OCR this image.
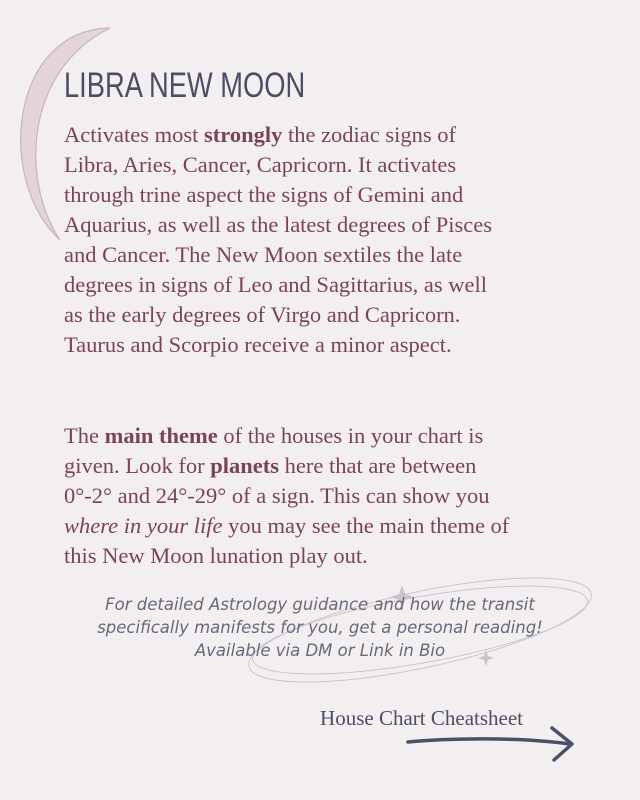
LIBRA NEW MOON

Activates most strongly the zodiac signs of
Libra, Aries, Cancer, Capricorn. It activates
through trine aspect the signs of Gemini and
Aquarius, as well as the latest degrees of Pisces
and Cancer. The New Moon sextiles the late
degrees in signs of Leo and Sagittarius, as well
as the early degrees of Virgo and Capricorn.
Taurus and Scorpio receive a minor aspect.

The main theme of the houses in your chart is
given. Look for planets here that are between
0°-2° and 24°-29° of a sign. This can show you
where in your life you may see the main theme of
this New Moon lunation play out.

For detailed Astrology guidance and how the transit
specifically manifests for you, get a personal reading!
Available via DM or Link in Bio

House Chart Cheatsheet
